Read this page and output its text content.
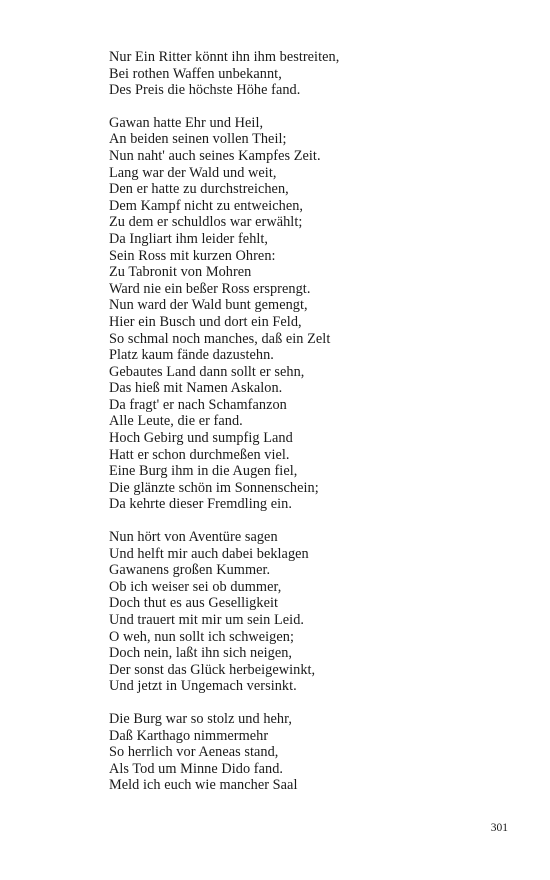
Nur Ein Ritter könnt ihn ihm bestreiten,
Bei rothen Waffen unbekannt,
Des Preis die höchste Höhe fand.
Gawan hatte Ehr und Heil,
An beiden seinen vollen Theil;
Nun naht' auch seines Kampfes Zeit.
Lang war der Wald und weit,
Den er hatte zu durchstreichen,
Dem Kampf nicht zu entweichen,
Zu dem er schuldlos war erwählt;
Da Ingliart ihm leider fehlt,
Sein Ross mit kurzen Ohren:
Zu Tabronit von Mohren
Ward nie ein beßer Ross ersprengt.
Nun ward der Wald bunt gemengt,
Hier ein Busch und dort ein Feld,
So schmal noch manches, daß ein Zelt
Platz kaum fände dazustehn.
Gebautes Land dann sollt er sehn,
Das hieß mit Namen Askalon.
Da fragt' er nach Schamfanzon
Alle Leute, die er fand.
Hoch Gebirg und sumpfig Land
Hatt er schon durchmeßen viel.
Eine Burg ihm in die Augen fiel,
Die glänzte schön im Sonnenschein;
Da kehrte dieser Fremdling ein.
Nun hört von Aventüre sagen
Und helft mir auch dabei beklagen
Gawanens großen Kummer.
Ob ich weiser sei ob dummer,
Doch thut es aus Geselligkeit
Und trauert mit mir um sein Leid.
O weh, nun sollt ich schweigen;
Doch nein, laßt ihn sich neigen,
Der sonst das Glück herbeigewinkt,
Und jetzt in Ungemach versinkt.
Die Burg war so stolz und hehr,
Daß Karthago nimmermehr
So herrlich vor Aeneas stand,
Als Tod um Minne Dido fand.
Meld ich euch wie mancher Saal
301
